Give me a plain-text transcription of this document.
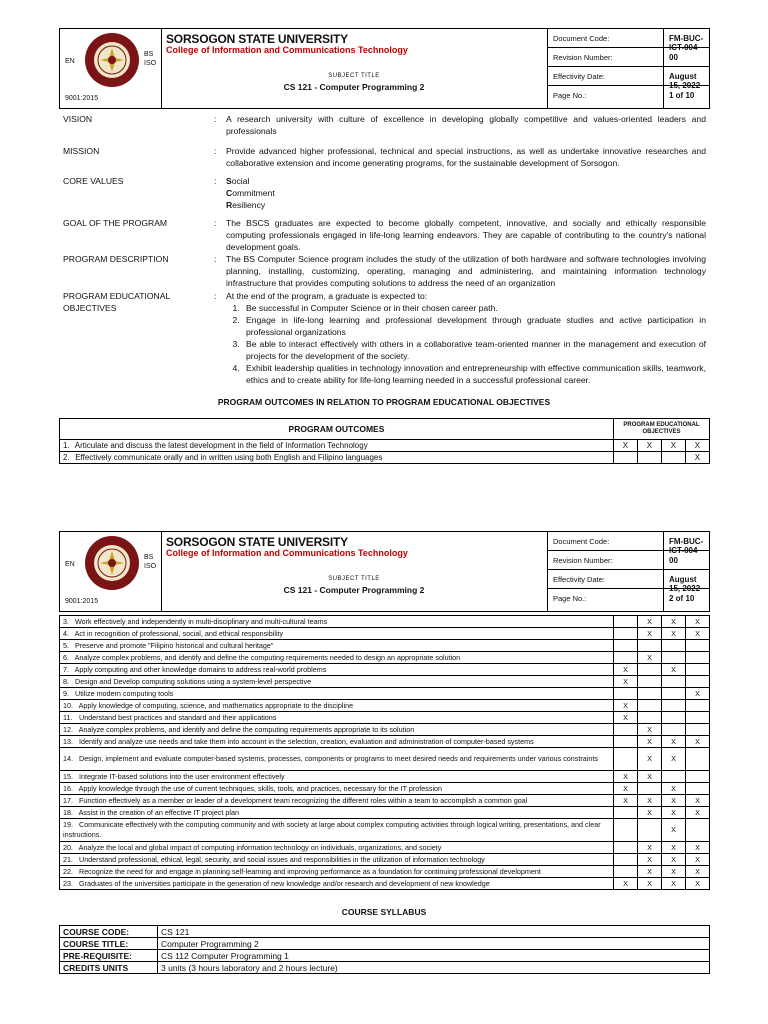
EN
BS
ISO
9001:2015
SORSOGON STATE UNIVERSITY
College of Information and Communications Technology
SUBJECT TITLE
CS 121 - Computer Programming 2
Document Code:	FM-BUC-ICT-004
Revision Number:	00
Effectivity Date:	August 15, 2022
Page No.:	1 of 10
VISION	: A research university with culture of excellence in developing globally competitive and values-oriented leaders and professionals
MISSION	: Provide advanced higher professional, technical and special instructions, as well as undertake innovative researches and collaborative extension and income generating programs, for the sustainable development of Sorsogon.
CORE VALUES	: Social
Commitment
Resiliency
GOAL OF THE PROGRAM	: The BSCS graduates are expected to become globally competent, innovative, and socially and ethically responsible computing professionals engaged in life-long learning endeavors. They are capable of contributing to the country's national development goals.
PROGRAM DESCRIPTION	: The BS Computer Science program includes the study of the utilization of both hardware and software technologies involving planning, installing, customizing, operating, managing and administering, and maintaining information technology infrastructure that provides computing solutions to address the need of an organization
PROGRAM EDUCATIONAL
OBJECTIVES
: At the end of the program, a graduate is expected to:
1. Be successful in Computer Science or in their chosen career path.
2. Engage in life-long learning and professional development through graduate studies and active participation in professional organizations
3. Be able to interact effectively with others in a collaborative team-oriented manner in the management and execution of projects for the development of the society.
4. Exhibit leadership qualities in technology innovation and entrepreneurship with effective communication skills, teamwork, ethics and to create ability for life-long learning needed in a successful professional career.
PROGRAM OUTCOMES IN RELATION TO PROGRAM EDUCATIONAL OBJECTIVES
PROGRAM OUTCOMES	PROGRAM EDUCATIONAL OBJECTIVES			
1. Articulate and discuss the latest development in the field of Information Technology	X	X	X	X
2. Effectively communicate orally and in written using both English and Filipino languages				X
EN
BS
ISO
9001:2015
SORSOGON STATE UNIVERSITY
College of Information and Communications Technology
SUBJECT TITLE
CS 121 - Computer Programming 2
Document Code:	FM-BUC-ICT-004
Revision Number:	00
Effectivity Date:	August 15, 2022
Page No.:	2 of 10
3. Work effectively and independently in multi-disciplinary and multi-cultural teams		X	X	X
4. Act in recognition of professional, social, and ethical responsibility		X	X	X
5. Preserve and promote "Filipino historical and cultural heritage"				
6. Analyze complex problems, and identify and define the computing requirements needed to design an appropriate solution		X		
7. Apply computing and other knowledge domains to address real-world problems	X		X	
8. Design and Develop computing solutions using a system-level perspective	X			
9. Utilize modern computing tools				X
10. Apply knowledge of computing, science, and mathematics appropriate to the discipline	X			
11. Understand best practices and standard and their applications	X			
12. Analyze complex problems, and identify and define the computing requirements appropriate to its solution		X		
13. Identify and analyze use needs and take them into account in the selection, creation, evaluation and administration of computer-based systems		X	X	X
14. Design, implement and evaluate computer-based systems, processes, components or programs to meet desired needs and requirements under various constraints		X	X	
15. Integrate IT-based solutions into the user environment effectively	X	X		
16. Apply knowledge through the use of current techniques, skills, tools, and practices, necessary for the IT profession	X		X	
17. Function effectively as a member or leader of a development team recognizing the different roles within a team to accomplish a common goal	X	X	X	X
18. Assist in the creation of an effective IT project plan		X	X	X
19. Communicate effectively with the computing community and with society at large about complex computing activities through logical writing, presentations, and clear instructions.			X	
20. Analyze the local and global impact of computing information technology on individuals, organizations, and society		X	X	X
21. Understand professional, ethical, legal, security, and social issues and responsibilities in the utilization of information technology		X	X	X
22. Recognize the need for and engage in planning self-learning and improving performance as a foundation for continuing professional development		X	X	X
23. Graduates of the universities participate in the generation of new knowledge and/or research and development of new knowledge	X	X	X	X
COURSE SYLLABUS
COURSE CODE:	CS 121
COURSE TITLE:	Computer Programming 2
PRE-REQUISITE:	CS 112 Computer Programming 1
CREDITS UNITS	3 units (3 hours laboratory and 2 hours lecture)
